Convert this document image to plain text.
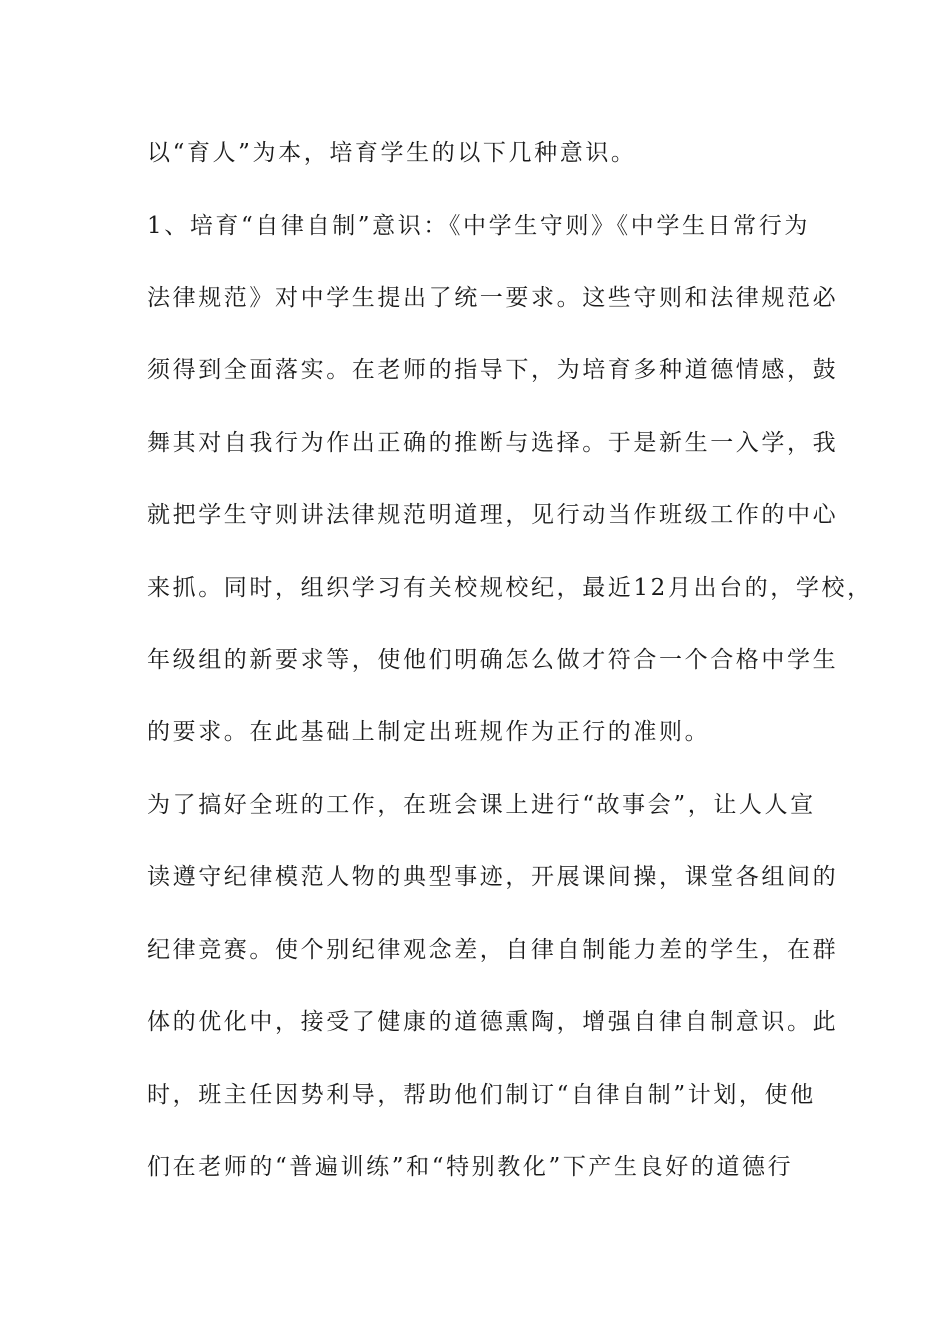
以“育人”为本，培育学生的以下几种意识。

1、培育“自律自制”意识：《中学生守则》《中学生日常行为

法律规范》对中学生提出了统一要求。这些守则和法律规范必

须得到全面落实。在老师的指导下，为培育多种道德情感，鼓

舞其对自我行为作出正确的推断与选择。于是新生一入学，我

就把学生守则讲法律规范明道理，见行动当作班级工作的中心

来抓。同时，组织学习有关校规校纪，最近12月出台的，学校，

年级组的新要求等，使他们明确怎么做才符合一个合格中学生

的要求。在此基础上制定出班规作为正行的准则。

为了搞好全班的工作，在班会课上进行“故事会”，让人人宣

读遵守纪律模范人物的典型事迹，开展课间操，课堂各组间的

纪律竞赛。使个别纪律观念差，自律自制能力差的学生，在群

体的优化中，接受了健康的道德熏陶，增强自律自制意识。此

时，班主任因势利导，帮助他们制订“自律自制”计划，使他

们在老师的“普遍训练”和“特别教化”下产生良好的道德行
